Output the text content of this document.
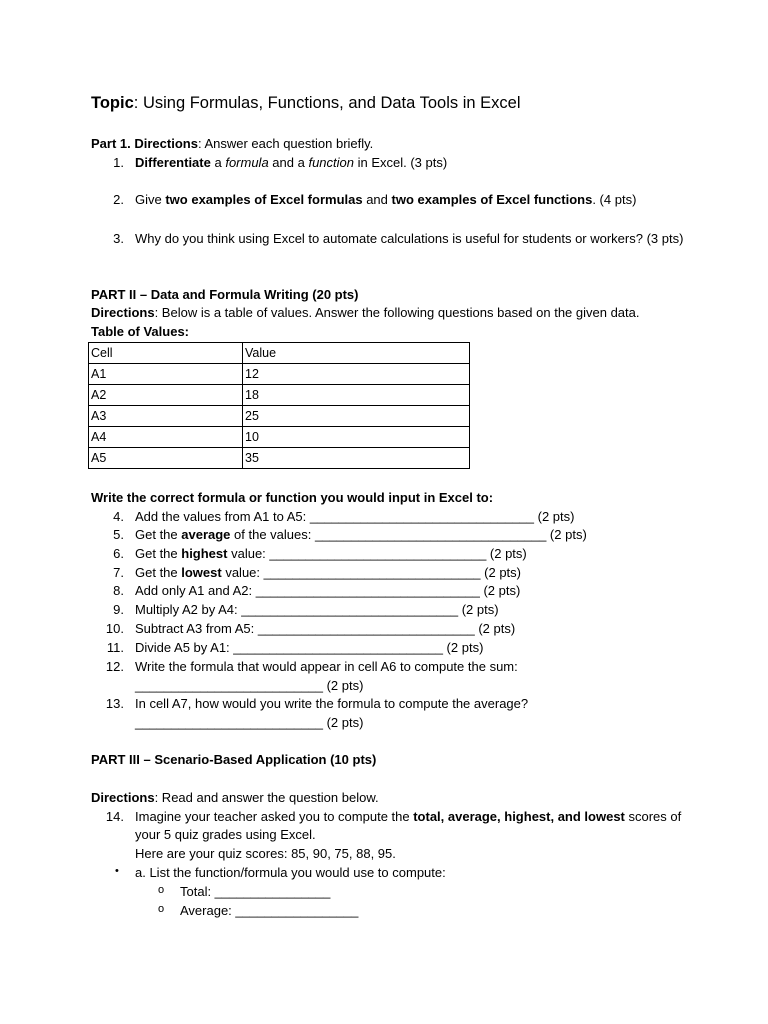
Topic: Using Formulas, Functions, and Data Tools in Excel
Part 1. Directions: Answer each question briefly.
1. Differentiate a formula and a function in Excel. (3 pts)
2. Give two examples of Excel formulas and two examples of Excel functions. (4 pts)
3. Why do you think using Excel to automate calculations is useful for students or workers? (3 pts)
PART II – Data and Formula Writing (20 pts)
Directions: Below is a table of values. Answer the following questions based on the given data.
Table of Values:
Cell	Value
A1	12
A2	18
A3	25
A4	10
A5	35
Write the correct formula or function you would input in Excel to:
4. Add the values from A1 to A5: _______________________________ (2 pts)
5. Get the average of the values: ________________________________ (2 pts)
6. Get the highest value: ______________________________ (2 pts)
7. Get the lowest value: ______________________________ (2 pts)
8. Add only A1 and A2: _______________________________ (2 pts)
9. Multiply A2 by A4: ______________________________ (2 pts)
10. Subtract A3 from A5: ______________________________ (2 pts)
11. Divide A5 by A1: _____________________________ (2 pts)
12. Write the formula that would appear in cell A6 to compute the sum:
__________________________ (2 pts)
13. In cell A7, how would you write the formula to compute the average?
__________________________ (2 pts)
PART III – Scenario-Based Application (10 pts)
Directions: Read and answer the question below.
14. Imagine your teacher asked you to compute the total, average, highest, and lowest scores of
your 5 quiz grades using Excel.
Here are your quiz scores: 85, 90, 75, 88, 95.
• a. List the function/formula you would use to compute:
o Total: ________________
o Average: _________________
